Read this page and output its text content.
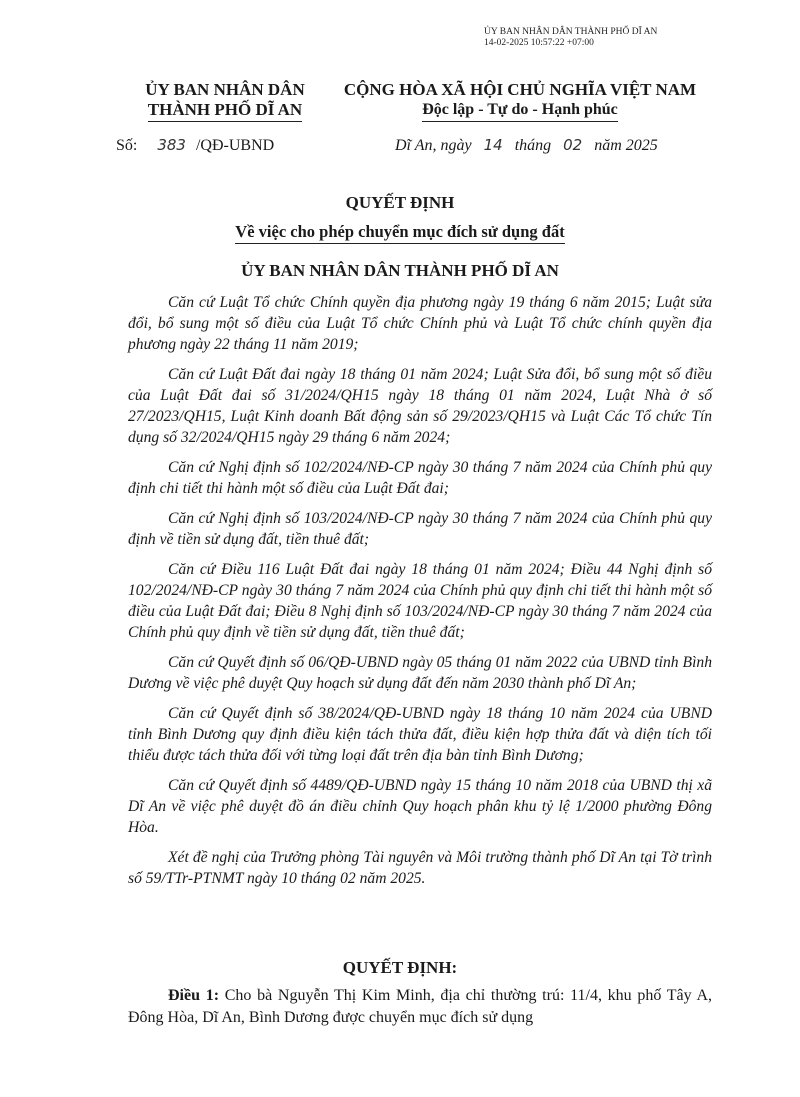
ỦY BAN NHÂN DÂN THÀNH PHỐ DĨ AN
14-02-2025 10:57:22 +07:00
ỦY BAN NHÂN DÂN
THÀNH PHỐ DĨ AN
CỘNG HÒA XÃ HỘI CHỦ NGHĨA VIỆT NAM
Độc lập - Tự do - Hạnh phúc
Số: 383 /QĐ-UBND	Dĩ An, ngày 14 tháng 02 năm 2025
QUYẾT ĐỊNH
Về việc cho phép chuyển mục đích sử dụng đất
ỦY BAN NHÂN DÂN THÀNH PHỐ DĨ AN

Căn cứ Luật Tổ chức Chính quyền địa phương ngày 19 tháng 6 năm 2015; Luật sửa đổi, bổ sung một số điều của Luật Tổ chức Chính phủ và Luật Tổ chức chính quyền địa phương ngày 22 tháng 11 năm 2019;

Căn cứ Luật Đất đai ngày 18 tháng 01 năm 2024; Luật Sửa đổi, bổ sung một số điều của Luật Đất đai số 31/2024/QH15 ngày 18 tháng 01 năm 2024, Luật Nhà ở số 27/2023/QH15, Luật Kinh doanh Bất động sản số 29/2023/QH15 và Luật Các Tổ chức Tín dụng số 32/2024/QH15 ngày 29 tháng 6 năm 2024;

Căn cứ Nghị định số 102/2024/NĐ-CP ngày 30 tháng 7 năm 2024 của Chính phủ quy định chi tiết thi hành một số điều của Luật Đất đai;

Căn cứ Nghị định số 103/2024/NĐ-CP ngày 30 tháng 7 năm 2024 của Chính phủ quy định về tiền sử dụng đất, tiền thuê đất;

Căn cứ Điều 116 Luật Đất đai ngày 18 tháng 01 năm 2024; Điều 44 Nghị định số 102/2024/NĐ-CP ngày 30 tháng 7 năm 2024 của Chính phủ quy định chi tiết thi hành một số điều của Luật Đất đai; Điều 8 Nghị định số 103/2024/NĐ-CP ngày 30 tháng 7 năm 2024 của Chính phủ quy định về tiền sử dụng đất, tiền thuê đất;

Căn cứ Quyết định số 06/QĐ-UBND ngày 05 tháng 01 năm 2022 của UBND tỉnh Bình Dương về việc phê duyệt Quy hoạch sử dụng đất đến năm 2030 thành phố Dĩ An;

Căn cứ Quyết định số 38/2024/QĐ-UBND ngày 18 tháng 10 năm 2024 của UBND tỉnh Bình Dương quy định điều kiện tách thửa đất, điều kiện hợp thửa đất và diện tích tối thiểu được tách thửa đối với từng loại đất trên địa bàn tỉnh Bình Dương;

Căn cứ Quyết định số 4489/QĐ-UBND ngày 15 tháng 10 năm 2018 của UBND thị xã Dĩ An về việc phê duyệt đồ án điều chỉnh Quy hoạch phân khu tỷ lệ 1/2000 phường Đông Hòa.

Xét đề nghị của Trưởng phòng Tài nguyên và Môi trường thành phố Dĩ An tại Tờ trình số 59/TTr-PTNMT ngày 10 tháng 02 năm 2025.

QUYẾT ĐỊNH:
Điều 1: Cho bà Nguyễn Thị Kim Minh, địa chỉ thường trú: 11/4, khu phố Tây A, Đông Hòa, Dĩ An, Bình Dương được chuyển mục đích sử dụng
